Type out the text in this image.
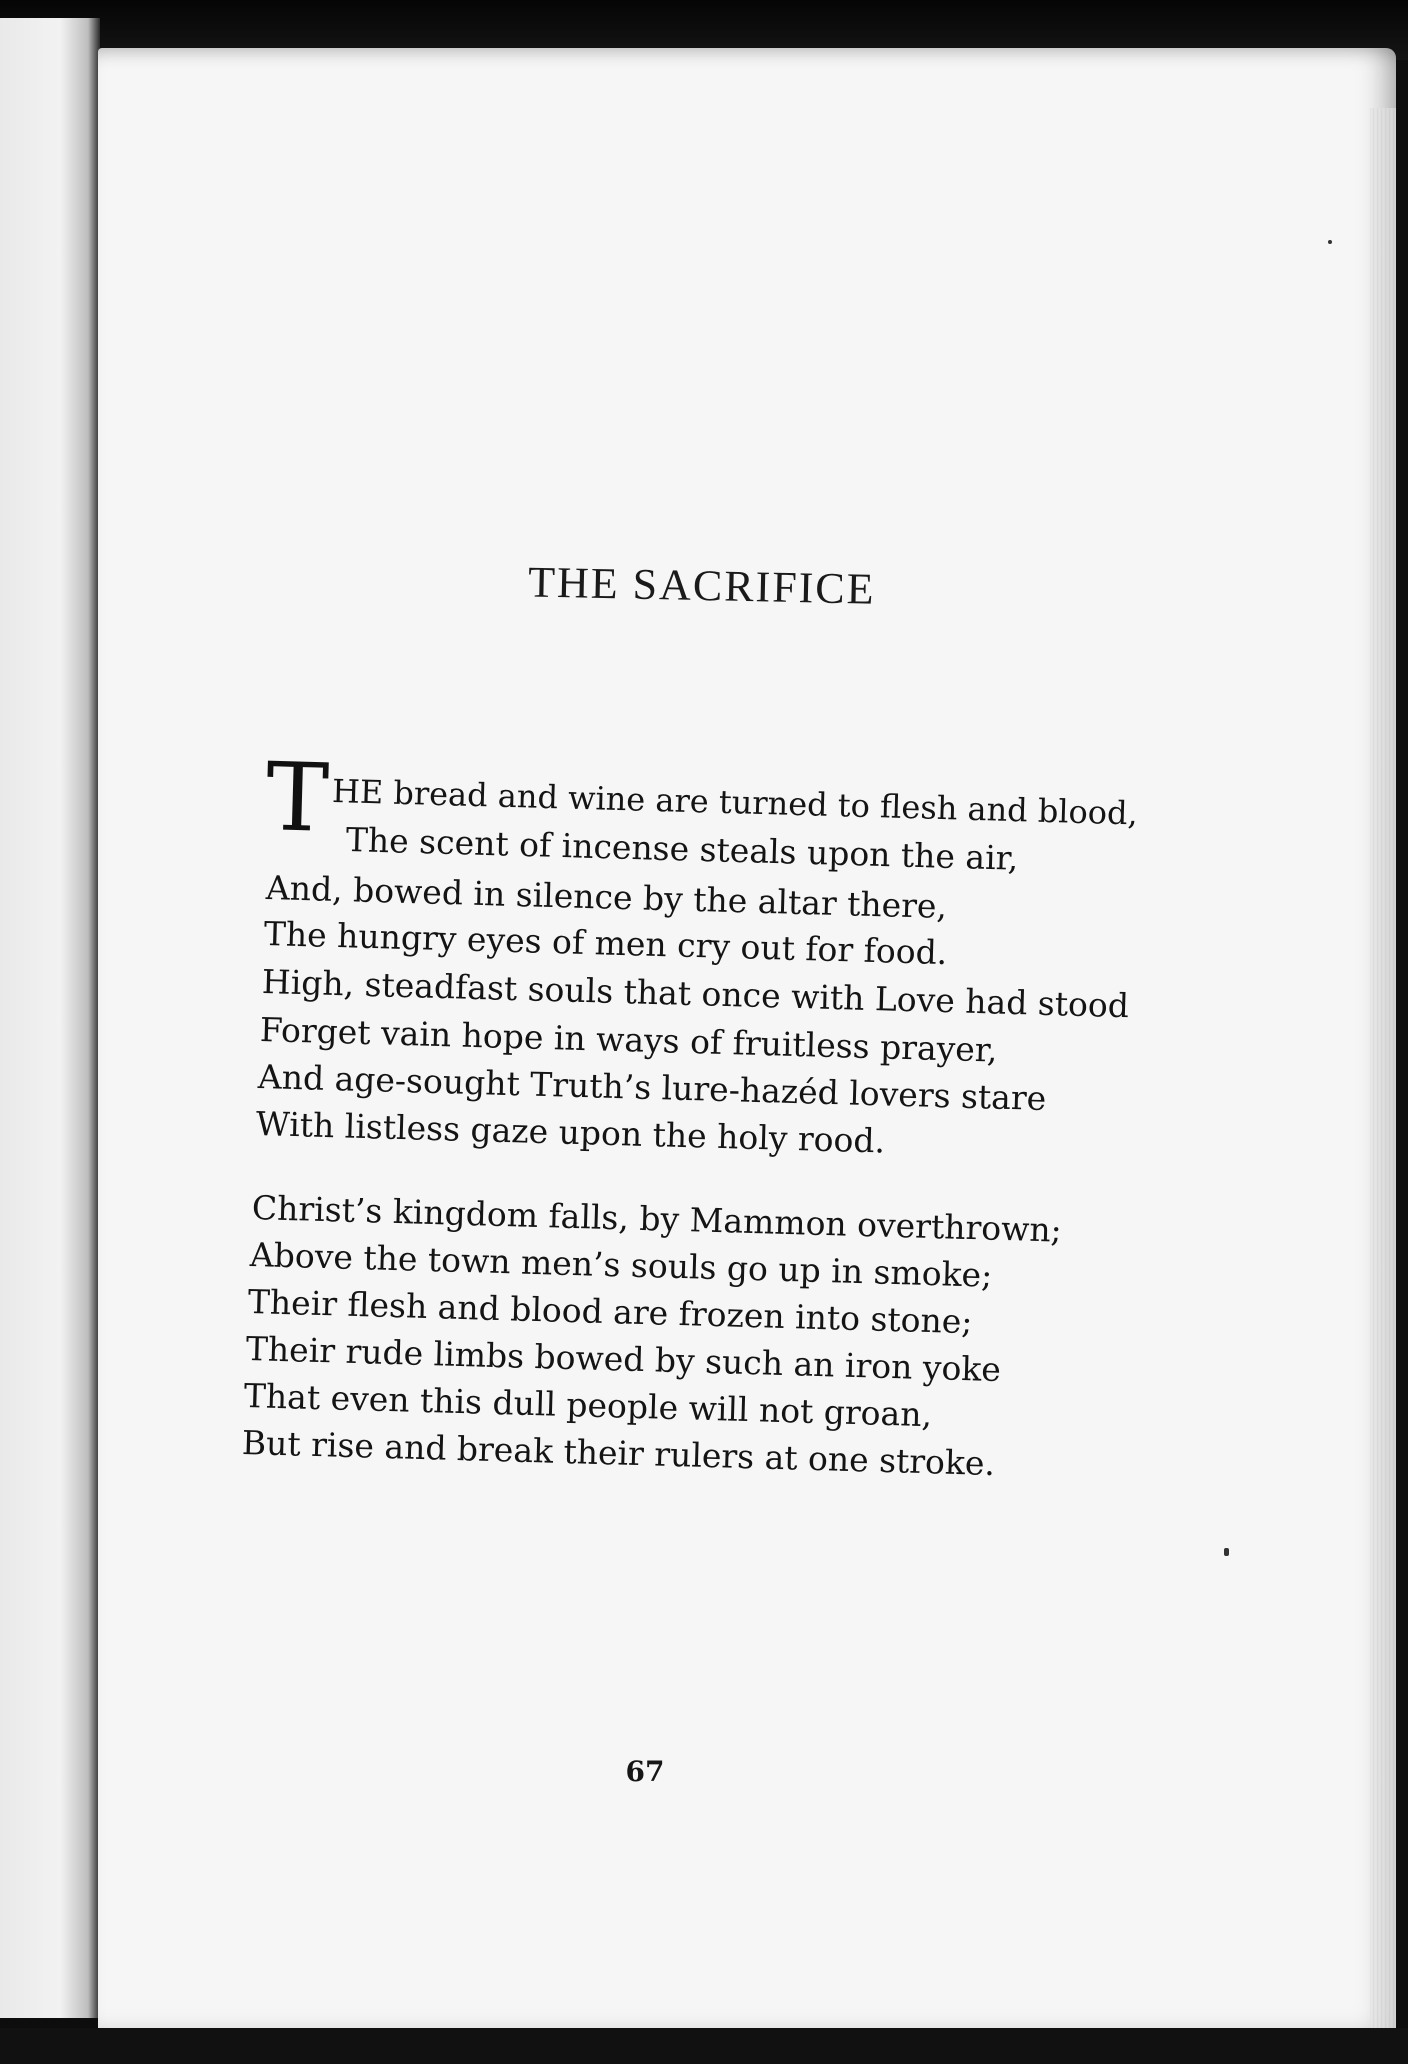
THE SACRIFICE
T HE bread and wine are turned to flesh and blood,
The scent of incense steals upon the air,
And, bowed in silence by the altar there,
The hungry eyes of men cry out for food.
High, steadfast souls that once with Love had stood
Forget vain hope in ways of fruitless prayer,
And age-sought Truth’s lure-hazéd lovers stare
With listless gaze upon the holy rood.
Christ’s kingdom falls, by Mammon overthrown;
Above the town men’s souls go up in smoke;
Their flesh and blood are frozen into stone;
Their rude limbs bowed by such an iron yoke
That even this dull people will not groan,
But rise and break their rulers at one stroke.
67
